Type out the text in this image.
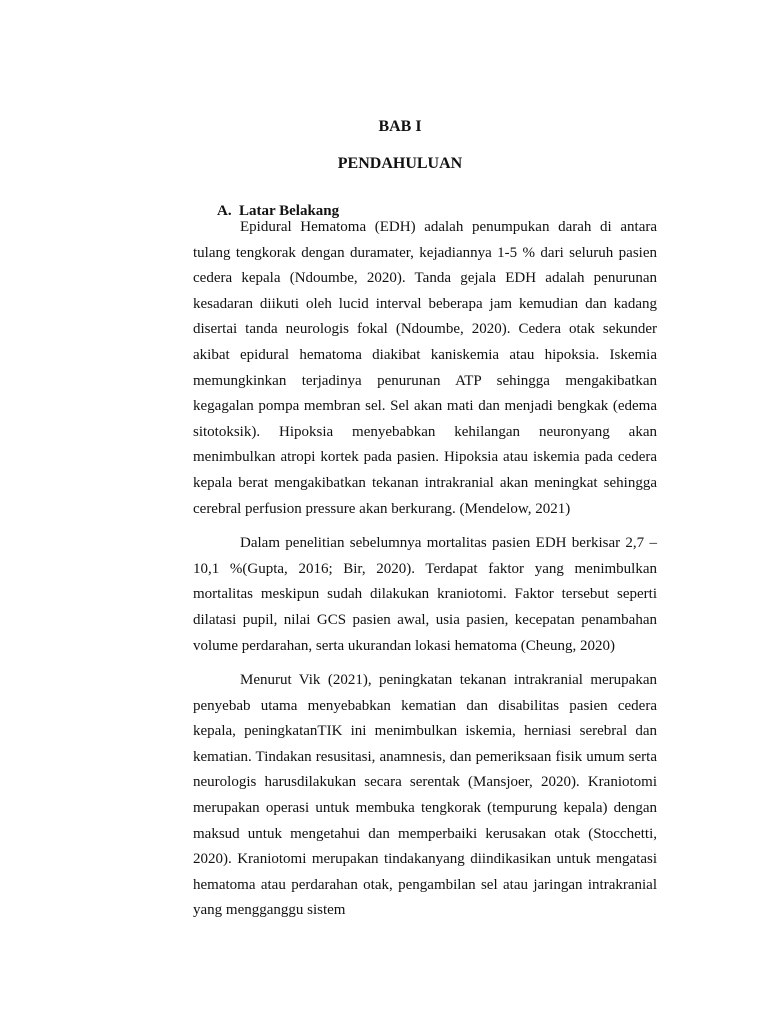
BAB I
PENDAHULUAN
A. Latar Belakang

Epidural Hematoma (EDH) adalah penumpukan darah di antara tulang tengkorak dengan duramater, kejadiannya 1-5 % dari seluruh pasien cedera kepala (Ndoumbe, 2020). Tanda gejala EDH adalah penurunan kesadaran diikuti oleh lucid interval beberapa jam kemudian dan kadang disertai tanda neurologis fokal (Ndoumbe, 2020). Cedera otak sekunder akibat epidural hematoma diakibat kaniskemia atau hipoksia. Iskemia memungkinkan terjadinya penurunan ATP sehingga mengakibatkan kegagalan pompa membran sel. Sel akan mati dan menjadi bengkak (edema sitotoksik). Hipoksia menyebabkan kehilangan neuronyang akan menimbulkan atropi kortek pada pasien. Hipoksia atau iskemia pada cedera kepala berat mengakibatkan tekanan intrakranial akan meningkat sehingga cerebral perfusion pressure akan berkurang. (Mendelow, 2021)

Dalam penelitian sebelumnya mortalitas pasien EDH berkisar 2,7 – 10,1 %(Gupta, 2016; Bir, 2020). Terdapat faktor yang menimbulkan mortalitas meskipun sudah dilakukan kraniotomi. Faktor tersebut seperti dilatasi pupil, nilai GCS pasien awal, usia pasien, kecepatan penambahan volume perdarahan, serta ukurandan lokasi hematoma (Cheung, 2020)

Menurut Vik (2021), peningkatan tekanan intrakranial merupakan penyebab utama menyebabkan kematian dan disabilitas pasien cedera kepala, peningkatanTIK ini menimbulkan iskemia, herniasi serebral dan kematian. Tindakan resusitasi, anamnesis, dan pemeriksaan fisik umum serta neurologis harusdilakukan secara serentak (Mansjoer, 2020). Kraniotomi merupakan operasi untuk membuka tengkorak (tempurung kepala) dengan maksud untuk mengetahui dan memperbaiki kerusakan otak (Stocchetti, 2020). Kraniotomi merupakan tindakanyang diindikasikan untuk mengatasi hematoma atau perdarahan otak, pengambilan sel atau jaringan intrakranial yang mengganggu sistem
